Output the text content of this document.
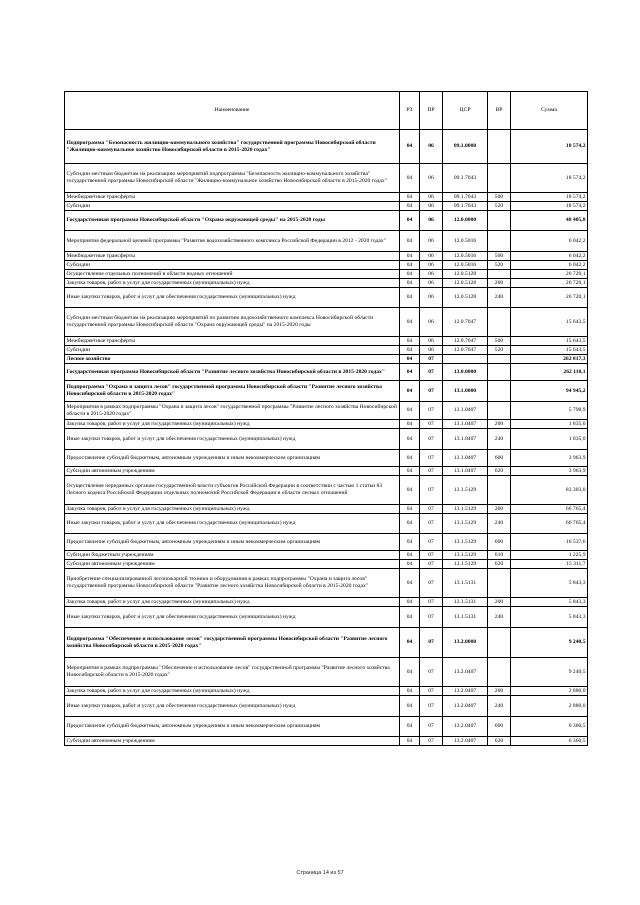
Наименование	РЗ	ПР	ЦСР	ВР	Сумма
Подпрограмма "Безопасность жилищно-коммунального хозяйства" государственной программы Новосибирской области "Жилищно-коммунальное хозяйство Новосибирской области в 2015-2020 годах"	04	06	09.1.0000		18 574,2
Субсидии местным бюджетам на реализацию мероприятий подпрограммы "Безопасность жилищно-коммунального хозяйства" государственной программы Новосибирской области "Жилищно-коммунальное хозяйство Новосибирской области в 2015-2020 годах"	04	06	09.1.7043		18 574,2
Межбюджетные трансферты	04	06	09.1.7043	500	18 574,2
Субсидии	04	06	09.1.7043	520	18 574,2
Государственная программа Новосибирской области "Охрана окружающей среды" на 2015-2020 годы	04	06	12.0.0000		48 405,8
Мероприятия федеральной целевой программы "Развитие водохозяйственного комплекса Российской Федерации в 2012 - 2020 годах"	04	06	12.0.5016		6 042,2
Межбюджетные трансферты	04	06	12.0.5016	500	6 042,2
Субсидии	04	06	12.0.5016	520	6 042,2
Осуществление отдельных полномочий в области водных отношений	04	06	12.0.5128		26 720,1
Закупка товаров, работ и услуг для государственных (муниципальных) нужд	04	06	12.0.5128	200	26 720,1
Иные закупки товаров, работ и услуг для обеспечения государственных (муниципальных) нужд	04	06	12.0.5128	240	26 720,1
Субсидии местным бюджетам на реализацию мероприятий по развитию водохозяйственного комплекса Новосибирской области государственной программы Новосибирской области "Охрана окружающей среды" на 2015-2020 годы	04	06	12.0.7047		15 643,5
Межбюджетные трансферты	04	06	12.0.7047	500	15 643,5
Субсидии	04	06	12.0.7047	520	15 643,5
Лесное хозяйство	04	07			262 817,3
Государственная программа Новосибирской области "Развитие лесного хозяйства Новосибирской области в 2015-2020 годах"	04	07	13.0.0000		262 110,1
Подпрограмма "Охрана и защита лесов" государственной программы Новосибирской области "Развитие лесного хозяйства Новосибирской области в 2015-2020 годах"	04	07	13.1.0000		94 945,2
Мероприятия в рамках подпрограммы "Охрана и защита лесов" государственной программы "Развитие лесного хозяйства Новосибирской области в 2015-2020 годах"	04	07	13.1.0407		5 798,9
Закупка товаров, работ и услуг для государственных (муниципальных) нужд	04	07	13.1.0407	200	1 835,0
Иные закупки товаров, работ и услуг для обеспечения государственных (муниципальных) нужд	04	07	13.1.0407	240	1 835,0
Предоставление субсидий бюджетным, автономным учреждениям и иным некоммерческим организациям	04	07	13.1.0407	600	3 963,9
Субсидии автономным учреждениям	04	07	13.1.0407	620	3 963,9
Осуществление переданных органам государственной власти субъектов Российской Федерации в соответствии с частью 1 статьи 83 Лесного кодекса Российской Федерации отдельных полномочий Российской Федерации в области лесных отношений	04	07	13.1.5129		83 303,0
Закупка товаров, работ и услуг для государственных (муниципальных) нужд	04	07	13.1.5129	200	66 765,4
Иные закупки товаров, работ и услуг для обеспечения государственных (муниципальных) нужд	04	07	13.1.5129	240	66 765,4
Предоставление субсидий бюджетным, автономным учреждениям и иным некоммерческим организациям	04	07	13.1.5129	600	16 537,6
Субсидии бюджетным учреждениям	04	07	13.1.5129	610	1 225,9
Субсидии автономным учреждениям	04	07	13.1.5129	620	15 311,7
Приобретение специализированной лесопожарной техники и оборудования в рамках подпрограммы "Охрана и защита лесов" государственной программы Новосибирской области "Развитие лесного хозяйства Новосибирской области в 2015-2020 годах"	04	07	13.1.5131		5 843,3
Закупка товаров, работ и услуг для государственных (муниципальных) нужд	04	07	13.1.5131	200	5 843,3
Иные закупки товаров, работ и услуг для обеспечения государственных (муниципальных) нужд	04	07	13.1.5131	240	5 843,3
Подпрограмма "Обеспечение и использование лесов" государственной программы Новосибирской области "Развитие лесного хозяйства Новосибирской области в 2015-2020 годах"	04	07	13.2.0000		9 240,5
Мероприятия в рамках подпрограммы "Обеспечение и использование лесов" государственной программы "Развитие лесного хозяйства Новосибирской области в 2015-2020 годах"	04	07	13.2.0407		9 240,5
Закупка товаров, работ и услуг для государственных (муниципальных) нужд	04	07	13.2.0407	200	2 880,0
Иные закупки товаров, работ и услуг для обеспечения государственных (муниципальных) нужд	04	07	13.2.0407	240	2 880,0
Предоставление субсидий бюджетным, автономным учреждениям и иным некоммерческим организациям	04	07	13.2.0407	600	6 360,5
Субсидии автономным учреждениям	04	07	13.2.0407	620	6 360,5
Страница 14 из 57
